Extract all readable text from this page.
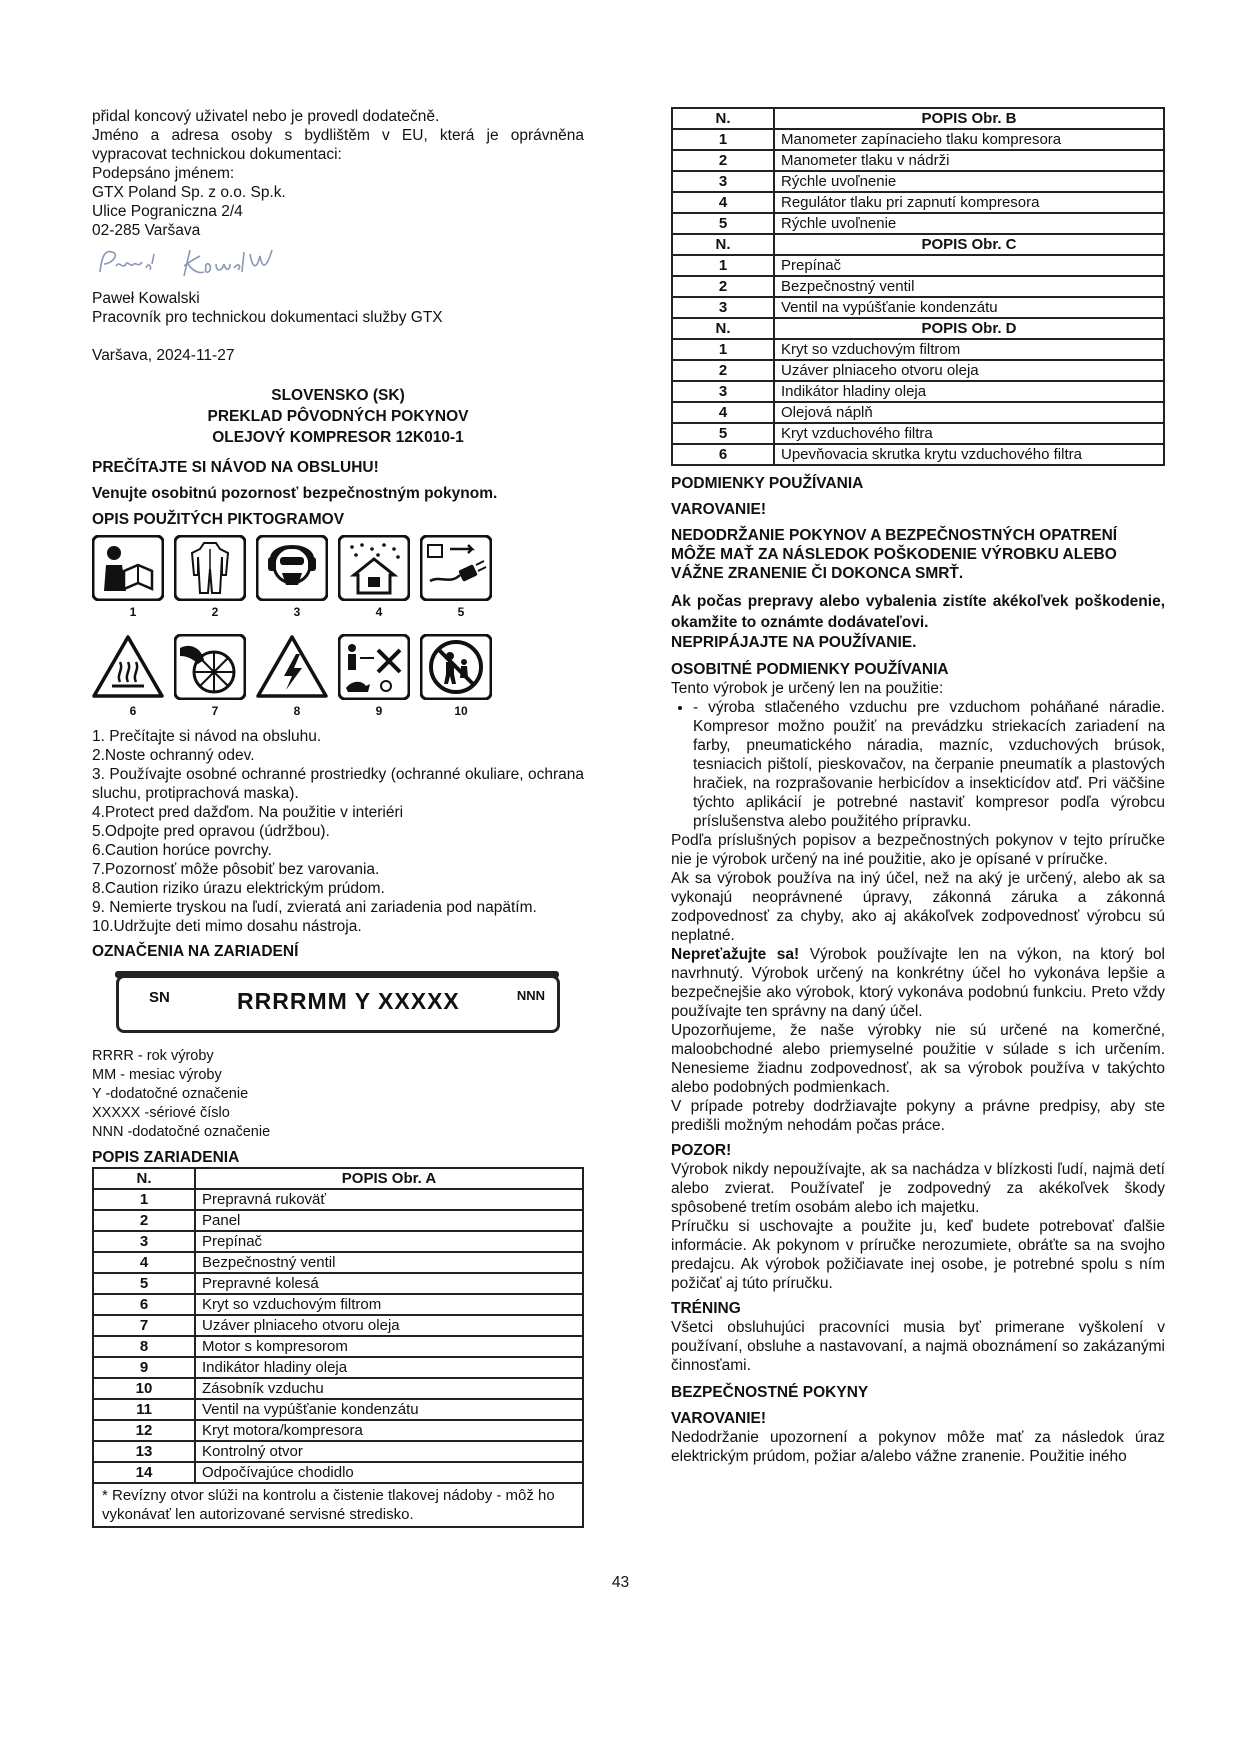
přidal koncový uživatel nebo je provedl dodatečně.

Jméno a adresa osoby s bydlištěm v EU, která je oprávněna vypracovat technickou dokumentaci:

Podepsáno jménem:

GTX Poland Sp. z o.o. Sp.k.

Ulice Pograniczna 2/4

02-285 Varšava

Paweł Kowalski

Pracovník pro technickou dokumentaci služby GTX

Varšava, 2024-11-27

SLOVENSKO (SK)

PREKLAD PÔVODNÝCH POKYNOV

OLEJOVÝ KOMPRESOR 12K010-1

PREČÍTAJTE SI NÁVOD NA OBSLUHU!

Venujte osobitnú pozornosť bezpečnostným pokynom.

OPIS POUŽITÝCH PIKTOGRAMOV

1	2	3	4	5
6	7	8	9	10

1. Prečítajte si návod na obsluhu.

2.Noste ochranný odev.

3. Používajte osobné ochranné prostriedky (ochranné okuliare, ochrana sluchu, protiprachová maska).

4.Protect pred dažďom. Na použitie v interiéri

5.Odpojte pred opravou (údržbou).

6.Caution horúce povrchy.

7.Pozornosť môže pôsobiť bez varovania.

8.Caution riziko úrazu elektrickým prúdom.

9. Nemierte tryskou na ľudí, zvieratá ani zariadenia pod napätím.

10.Udržujte deti mimo dosahu nástroja.

OZNAČENIA NA ZARIADENÍ

SN	RRRRMM Y XXXXX	NNN

RRRR - rok výroby

MM - mesiac výroby

Y -dodatočné označenie

XXXXX -sériové číslo

NNN -dodatočné označenie

POPIS ZARIADENIA

N.	POPIS Obr. A
1	Prepravná rukoväť
2	Panel
3	Prepínač
4	Bezpečnostný ventil
5	Prepravné kolesá
6	Kryt so vzduchovým filtrom
7	Uzáver plniaceho otvoru oleja
8	Motor s kompresorom
9	Indikátor hladiny oleja
10	Zásobník vzduchu
11	Ventil na vypúšťanie kondenzátu
12	Kryt motora/kompresora
13	Kontrolný otvor
14	Odpočívajúce chodidlo
* Revízny otvor slúži na kontrolu a čistenie tlakovej nádoby - môž ho vykonávať len autorizované servisné stredisko.	
N.	POPIS Obr. B
1	Manometer zapínacieho tlaku kompresora
2	Manometer tlaku v nádrži
3	Rýchle uvoľnenie
4	Regulátor tlaku pri zapnutí kompresora
5	Rýchle uvoľnenie
N.	POPIS Obr. C
1	Prepínač
2	Bezpečnostný ventil
3	Ventil na vypúšťanie kondenzátu
N.	POPIS Obr. D
1	Kryt so vzduchovým filtrom
2	Uzáver plniaceho otvoru oleja
3	Indikátor hladiny oleja
4	Olejová náplň
5	Kryt vzduchového filtra
6	Upevňovacia skrutka krytu vzduchového filtra

PODMIENKY POUŽÍVANIA

VAROVANIE!

NEDODRŽANIE POKYNOV A BEZPEČNOSTNÝCH OPATRENÍ MÔŽE MAŤ ZA NÁSLEDOK POŠKODENIE VÝROBKU ALEBO VÁŽNE ZRANENIE ČI DOKONCA SMRŤ.

Ak počas prepravy alebo vybalenia zistíte akékoľvek poškodenie, okamžite to oznámte dodávateľovi.

NEPRIPÁJAJTE NA POUŽÍVANIE.

OSOBITNÉ PODMIENKY POUŽÍVANIA

Tento výrobok je určený len na použitie:

• - výroba stlačeného vzduchu pre vzduchom poháňané náradie. Kompresor možno použiť na prevádzku striekacích zariadení na farby, pneumatického náradia, mazníc, vzduchových brúsok, tesniacich pištolí, pieskovačov, na čerpanie pneumatík a plastových hračiek, na rozprašovanie herbicídov a insekticídov atď. Pri väčšine týchto aplikácií je potrebné nastaviť kompresor podľa výrobcu príslušenstva alebo použitého prípravku.

Podľa príslušných popisov a bezpečnostných pokynov v tejto príručke nie je výrobok určený na iné použitie, ako je opísané v príručke.

Ak sa výrobok používa na iný účel, než na aký je určený, alebo ak sa vykonajú neoprávnené úpravy, zákonná záruka a zákonná zodpovednosť za chyby, ako aj akákoľvek zodpovednosť výrobcu sú neplatné.

Nepreťažujte sa! Výrobok používajte len na výkon, na ktorý bol navrhnutý. Výrobok určený na konkrétny účel ho vykonáva lepšie a bezpečnejšie ako výrobok, ktorý vykonáva podobnú funkciu. Preto vždy používajte ten správny na daný účel.

Upozorňujeme, že naše výrobky nie sú určené na komerčné, maloobchodné alebo priemyselné použitie v súlade s ich určením. Nenesieme žiadnu zodpovednosť, ak sa výrobok používa v takýchto alebo podobných podmienkach.

V prípade potreby dodržiavajte pokyny a právne predpisy, aby ste predišli možným nehodám počas práce.

POZOR!

Výrobok nikdy nepoužívajte, ak sa nachádza v blízkosti ľudí, najmä detí alebo zvierat. Používateľ je zodpovedný za akékoľvek škody spôsobené tretím osobám alebo ich majetku.

Príručku si uschovajte a použite ju, keď budete potrebovať ďalšie informácie. Ak pokynom v príručke nerozumiete, obráťte sa na svojho predajcu. Ak výrobok požičiavate inej osobe, je potrebné spolu s ním požičať aj túto príručku.

TRÉNING

Všetci obsluhujúci pracovníci musia byť primerane vyškolení v používaní, obsluhe a nastavovaní, a najmä oboznámení so zakázanými činnosťami.

BEZPEČNOSTNÉ POKYNY

VAROVANIE!

Nedodržanie upozornení a pokynov môže mať za následok úraz elektrickým prúdom, požiar a/alebo vážne zranenie. Použitie iného

43
